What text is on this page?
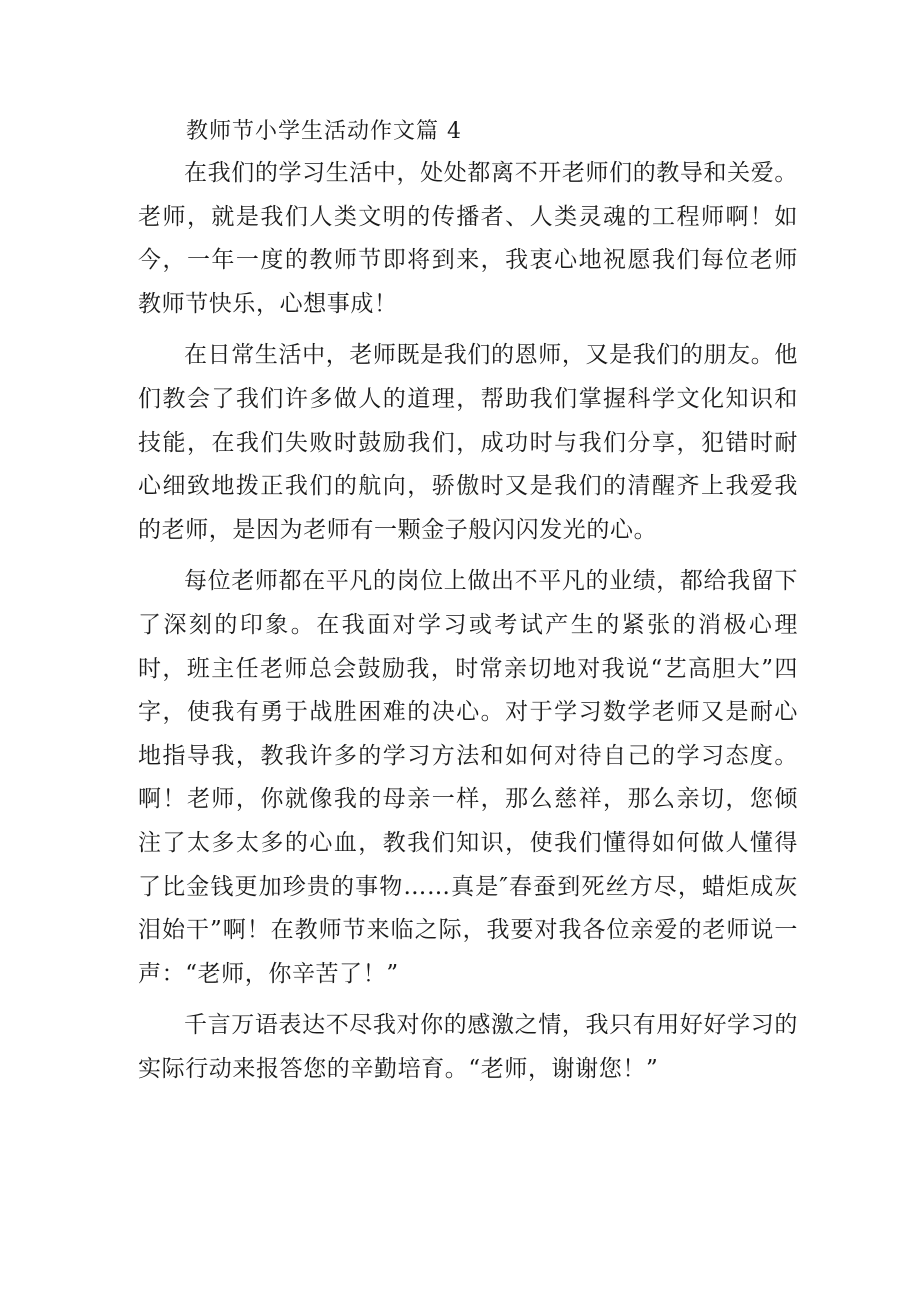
教师节小学生活动作文篇 4

在我们的学习生活中，处处都离不开老师们的教导和关爱。老师，就是我们人类文明的传播者、人类灵魂的工程师啊！如今，一年一度的教师节即将到来，我衷心地祝愿我们每位老师教师节快乐，心想事成！

在日常生活中，老师既是我们的恩师，又是我们的朋友。他们教会了我们许多做人的道理，帮助我们掌握科学文化知识和技能，在我们失败时鼓励我们，成功时与我们分享，犯错时耐心细致地拨正我们的航向，骄傲时又是我们的清醒齐上我爱我的老师，是因为老师有一颗金子般闪闪发光的心。

每位老师都在平凡的岗位上做出不平凡的业绩，都给我留下了深刻的印象。在我面对学习或考试产生的紧张的消极心理时，班主任老师总会鼓励我，时常亲切地对我说“艺高胆大”四字，使我有勇于战胜困难的决心。对于学习数学老师又是耐心地指导我，教我许多的学习方法和如何对待自己的学习态度。啊！老师，你就像我的母亲一样，那么慈祥，那么亲切，您倾注了太多太多的心血，教我们知识，使我们懂得如何做人懂得了比金钱更加珍贵的事物……真是″春蚕到死丝方尽，蜡炬成灰泪始干”啊！在教师节来临之际，我要对我各位亲爱的老师说一声：“老师，你辛苦了！”

千言万语表达不尽我对你的感激之情，我只有用好好学习的实际行动来报答您的辛勤培育。“老师，谢谢您！”
